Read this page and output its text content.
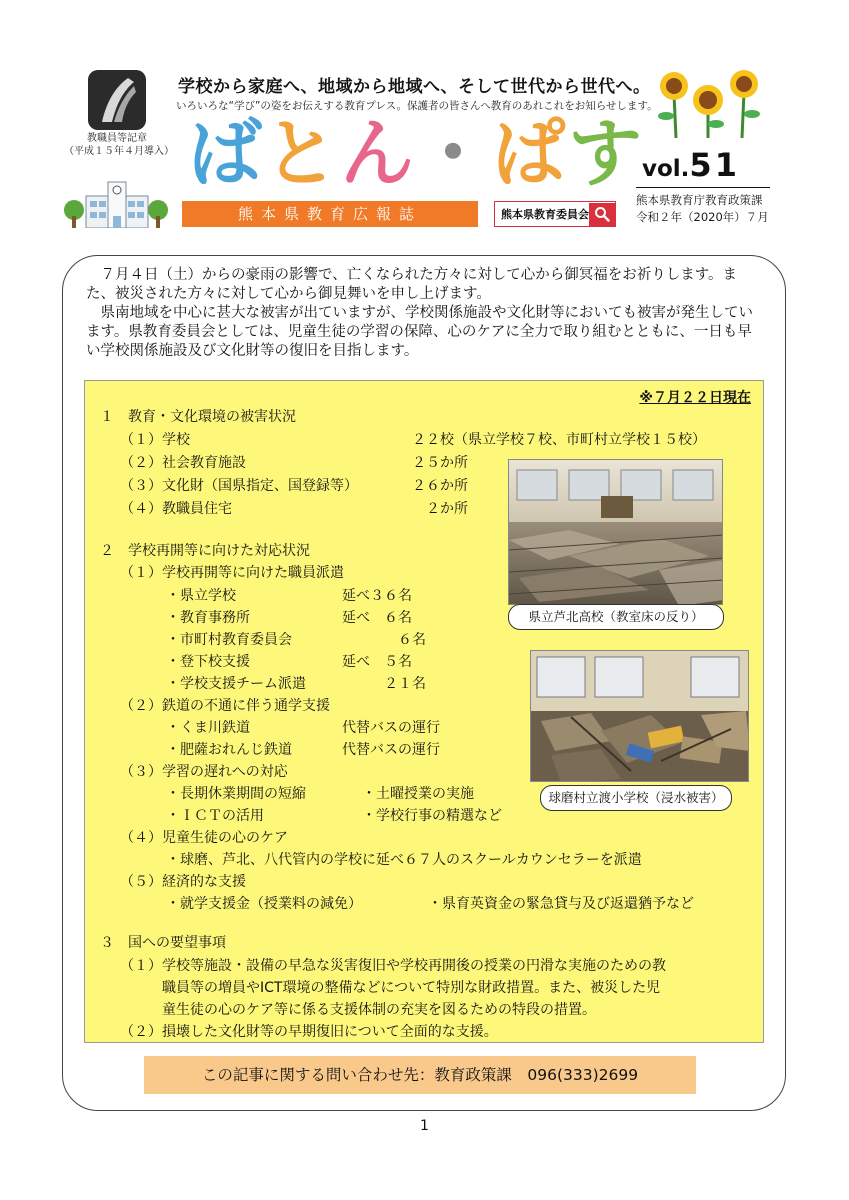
教職員等記章
（平成１５年４月導入）
学校から家庭へ、地域から地域へ、そして世代から世代へ。
いろいろな“学び”の姿をお伝えする教育プレス。保護者の皆さんへ教育のあれこれをお知らせします。
ばとん・ぱす
熊本県教育広報誌	熊本県教育委員会
vol.51
熊本県教育庁教育政策課
令和２年（2020年）７月

７月４日（土）からの豪雨の影響で、亡くなられた方々に対して心から御冥福をお祈りします。また、被災された方々に対して心から御見舞いを申し上げます。

県南地域を中心に甚大な被害が出ていますが、学校関係施設や文化財等においても被害が発生しています。県教育委員会としては、児童生徒の学習の保障、心のケアに全力で取り組むとともに、一日も早い学校関係施設及び文化財等の復旧を目指します。

※７月２２日現在
１　教育・文化環境の被害状況
（１）学校	２２校（県立学校７校、市町村立学校１５校）
（２）社会教育施設	２５か所
（３）文化財（国県指定、国登録等）	２６か所
（４）教職員住宅	２か所
２　学校再開等に向けた対応状況
（１）学校再開等に向けた職員派遣
・県立学校	延べ３６名
・教育事務所	延べ　６名
・市町村教育委員会	６名
・登下校支援	延べ　５名
・学校支援チーム派遣	２１名
（２）鉄道の不通に伴う通学支援
・くま川鉄道	代替バスの運行
・肥薩おれんじ鉄道	代替バスの運行
（３）学習の遅れへの対応
・長期休業期間の短縮	・土曜授業の実施
・ＩＣＴの活用	・学校行事の精選など
（４）児童生徒の心のケア
・球磨、芦北、八代管内の学校に延べ６７人のスクールカウンセラーを派遣
（５）経済的な支援
・就学支援金（授業料の減免）	・県育英資金の緊急貸与及び返還猶予など
３　国への要望事項
（１）学校等施設・設備の早急な災害復旧や学校再開後の授業の円滑な実施のための教
職員等の増員やICT環境の整備などについて特別な財政措置。また、被災した児
童生徒の心のケア等に係る支援体制の充実を図るための特段の措置。
（２）損壊した文化財等の早期復旧について全面的な支援。
県立芦北高校（教室床の反り）
球磨村立渡小学校（浸水被害）
この記事に関する問い合わせ先：教育政策課　096(333)2699
1
